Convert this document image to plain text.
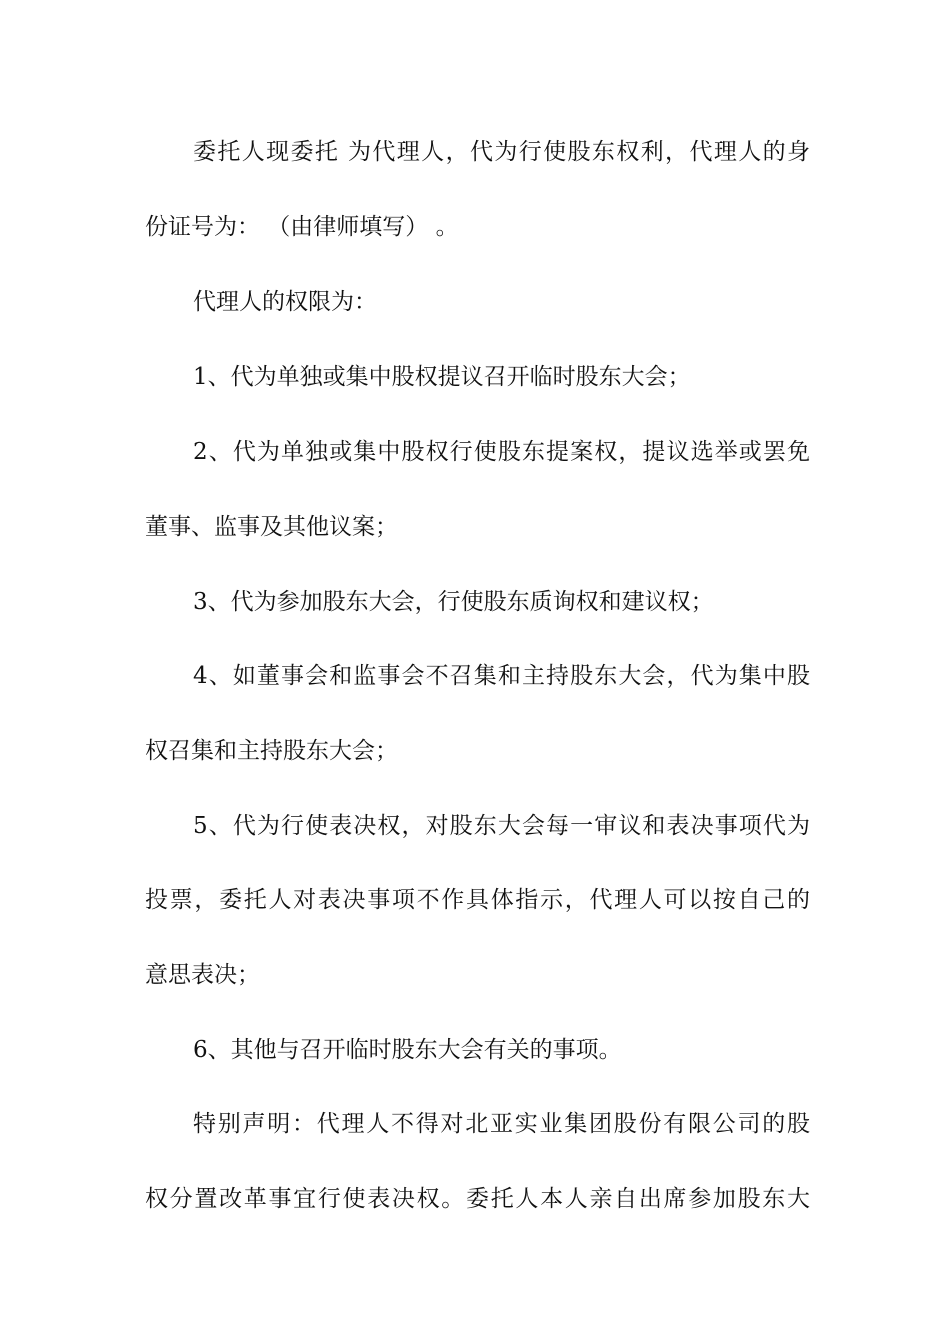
委托人现委托 为代理人，代为行使股东权利，代理人的身
份证号为： （由律师填写） 。
代理人的权限为：
1、代为单独或集中股权提议召开临时股东大会；
2、代为单独或集中股权行使股东提案权，提议选举或罢免
董事、监事及其他议案；
3、代为参加股东大会，行使股东质询权和建议权；
4、如董事会和监事会不召集和主持股东大会，代为集中股
权召集和主持股东大会；
5、代为行使表决权，对股东大会每一审议和表决事项代为
投票，委托人对表决事项不作具体指示，代理人可以按自己的
意思表决；
6、其他与召开临时股东大会有关的事项。
特别声明：代理人不得对北亚实业集团股份有限公司的股
权分置改革事宜行使表决权。委托人本人亲自出席参加股东大
